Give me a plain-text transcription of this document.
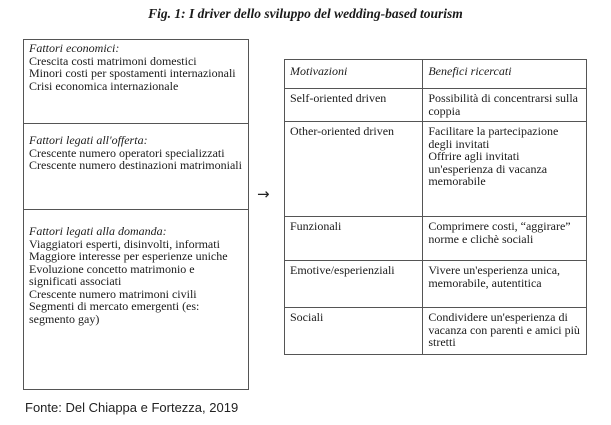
Fig. 1: I driver dello sviluppo del wedding-based tourism
Fattori economici:
Crescita costi matrimoni domestici
Minori costi per spostamenti internazionali
Crisi economica internazionale
Fattori legati all'offerta:
Crescente numero operatori specializzati
Crescente numero destinazioni matrimoniali
Fattori legati alla domanda:
Viaggiatori esperti, disinvolti, informati
Maggiore interesse per esperienze uniche
Evoluzione concetto matrimonio e significati associati
Crescente numero matrimoni civili
Segmenti di mercato emergenti (es: segmento gay)
→
Motivazioni	Benefici ricercati
Self-oriented driven	Possibilità di concentrarsi sulla coppia

Other-oriented driven	Facilitare la partecipazione degli invitati
Offrire agli invitati un'esperienza di vacanza memorabile

Funzionali	Comprimere costi, “aggirare” norme e clichè sociali

Emotive/esperienziali	Vivere un'esperienza unica, memorabile, autentitica

Sociali	Condividere un'esperienza di vacanza con parenti e amici più stretti
Fonte: Del Chiappa e Fortezza, 2019
